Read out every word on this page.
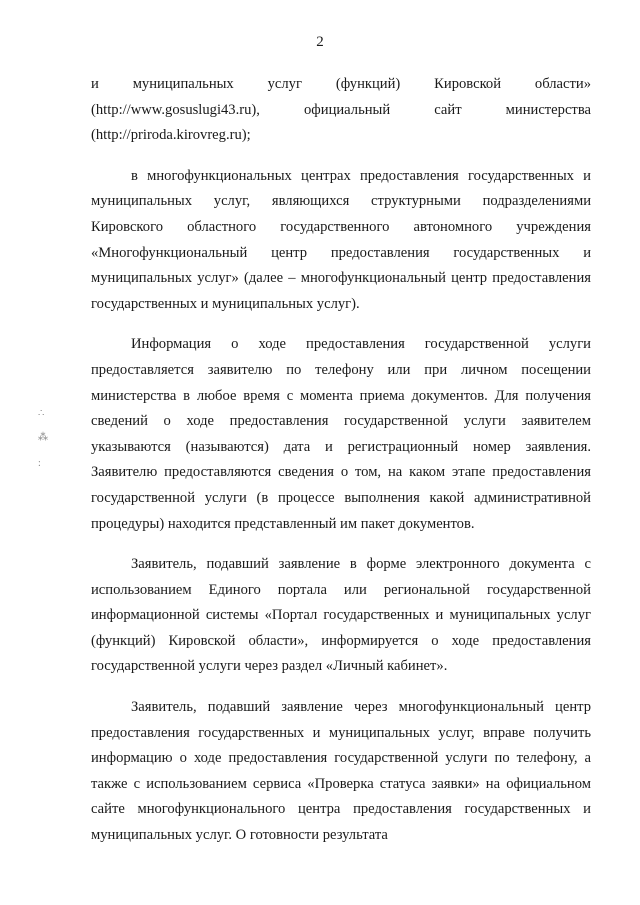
2
∴
⁂
:

и муниципальных услуг (функций) Кировской области» (http://www.gosuslugi43.ru), официальный сайт министерства (http://priroda.kirovreg.ru);

в многофункциональных центрах предоставления государственных и муниципальных услуг, являющихся структурными подразделениями Кировского областного государственного автономного учреждения «Многофункциональный центр предоставления государственных и муниципальных услуг» (далее – многофункциональный центр предоставления государственных и муниципальных услуг).

Информация о ходе предоставления государственной услуги предоставляется заявителю по телефону или при личном посещении министерства в любое время с момента приема документов. Для получения сведений о ходе предоставления государственной услуги заявителем указываются (называются) дата и регистрационный номер заявления. Заявителю предоставляются сведения о том, на каком этапе предоставления государственной услуги (в процессе выполнения какой административной процедуры) находится представленный им пакет документов.

Заявитель, подавший заявление в форме электронного документа с использованием Единого портала или региональной государственной информационной системы «Портал государственных и муниципальных услуг (функций) Кировской области», информируется о ходе предоставления государственной услуги через раздел «Личный кабинет».

Заявитель, подавший заявление через многофункциональный центр предоставления государственных и муниципальных услуг, вправе получить информацию о ходе предоставления государственной услуги по телефону, а также с использованием сервиса «Проверка статуса заявки» на официальном сайте многофункционального центра предоставления государственных и муниципальных услуг. О готовности результата
